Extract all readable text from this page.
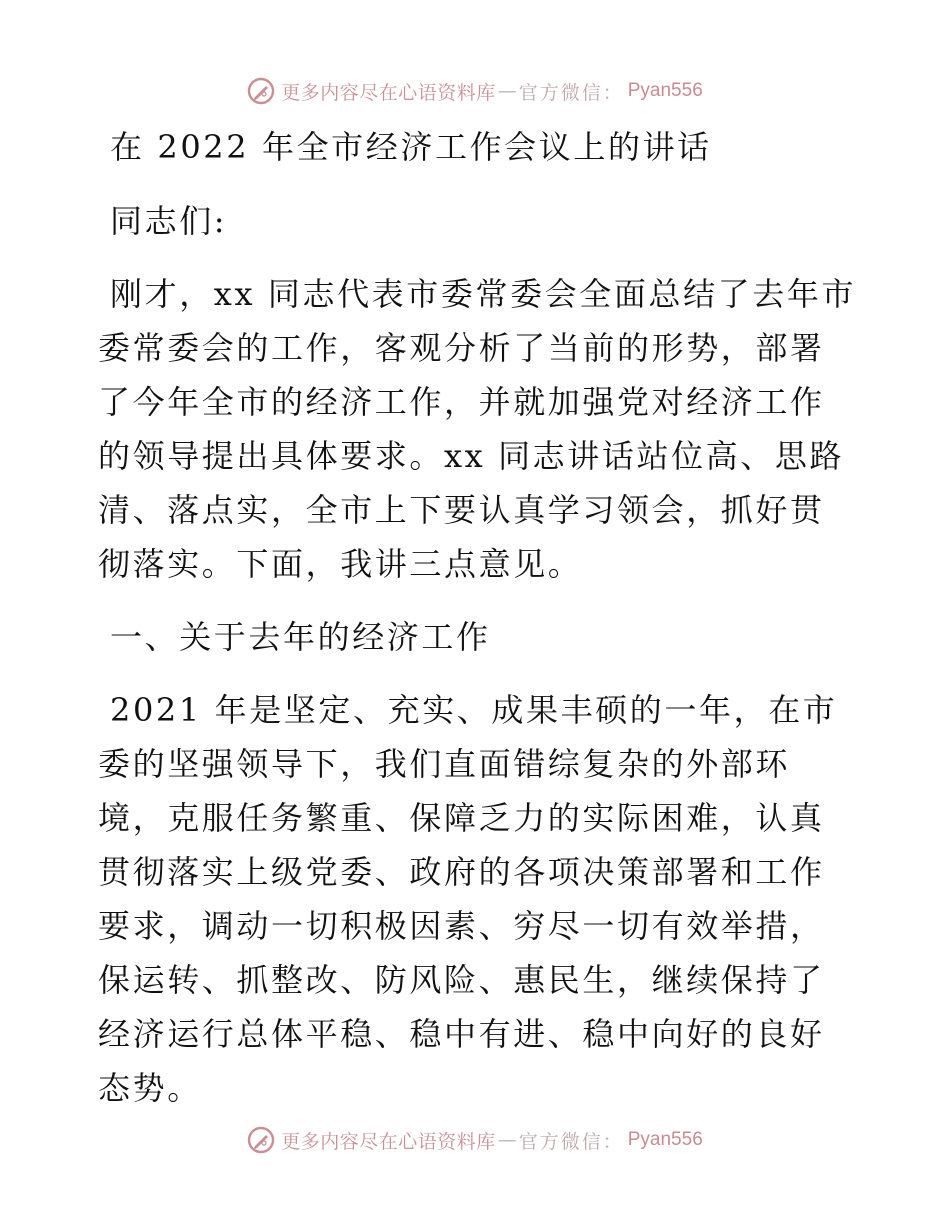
更多内容尽在心语资料库 — 官方微信： Pyan556

在 2022 年全市经济工作会议上的讲话

同志们:

刚才，xx 同志代表市委常委会全面总结了去年市委常委会的工作，客观分析了当前的形势，部署了今年全市的经济工作，并就加强党对经济工作的领导提出具体要求。xx 同志讲话站位高、思路清、落点实，全市上下要认真学习领会，抓好贯彻落实。下面，我讲三点意见。

一、关于去年的经济工作

2021 年是坚定、充实、成果丰硕的一年，在市委的坚强领导下，我们直面错综复杂的外部环境，克服任务繁重、保障乏力的实际困难，认真贯彻落实上级党委、政府的各项决策部署和工作要求，调动一切积极因素、穷尽一切有效举措，保运转、抓整改、防风险、惠民生，继续保持了经济运行总体平稳、稳中有进、稳中向好的良好态势。

更多内容尽在心语资料库 — 官方微信： Pyan556
